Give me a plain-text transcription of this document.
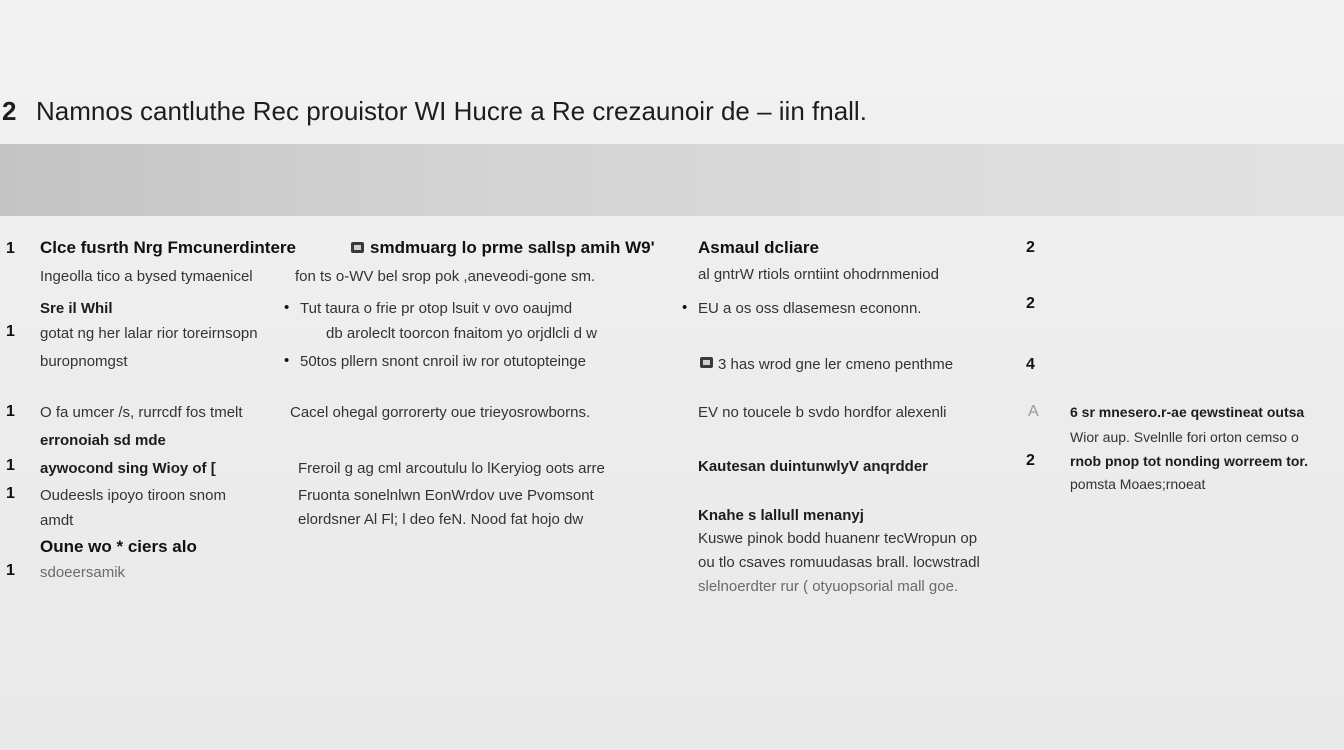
2 Namnos cantluthe Rec prouistor WI Hucre a Re crezaunoir de – iin fnall.
1 Clce fusrth Nrg Fmcunerdintere
Ingeolla tico a bysed tymaenicel
Sre il Whil
1 gotat ng her lalar rior toreirnsopn
buropnomgst
1 O fa umcer /s, rurrcdf fos tmelt
erronoiah sd mde
1 aywocond sing Wioy of [
1 Oudeesls ipoyo tiroon snom
amdt
Oune wo * ciers alo
1 sdoeersamik
smdmuarg lo prme sallsp amih W9'
fon ts o-WV bel srop pok ,aneveodi-gone sm.
• Tut taura o frie pr otop lsuit v ovo oaujmd
db aroleclt toorcon fnaitom yo orjdlcli d w
• 50tos pllern snont cnroil iw ror otutopteinge
Cacel ohegal gorrorerty oue trieyosrowborns.
Freroil g ag cml arcoutulu lo lKeryiog oots arre
Fruonta sonelnlwn EonWrdov uve Pvomsont
elordsner Al Fl; l deo feN. Nood fat hojo dw
Asmaul dcliare
al gntrW rtiols orntiint ohodrnmeniod
• EU a os oss dlasemesn econonn.
3 has wrod gne ler cmeno penthme
EV no toucele b svdo hordfor alexenli
Kautesan duintunwlyV anqrdder
Knahe s lallull menanyj
Kuswe pinok bodd huanenr tecWropun op
ou tlo csaves romuudasas brall. locwstradl
slelnoerdter rur ( otyuopsorial mall goe.
2
2
4
A
2
6 sr mnesero.r-ae qewstineat outsa
Wior aup. Svelnlle fori orton cemso o
rnob pnop tot nonding worreem tor.
pomsta Moaes;rnoeat
